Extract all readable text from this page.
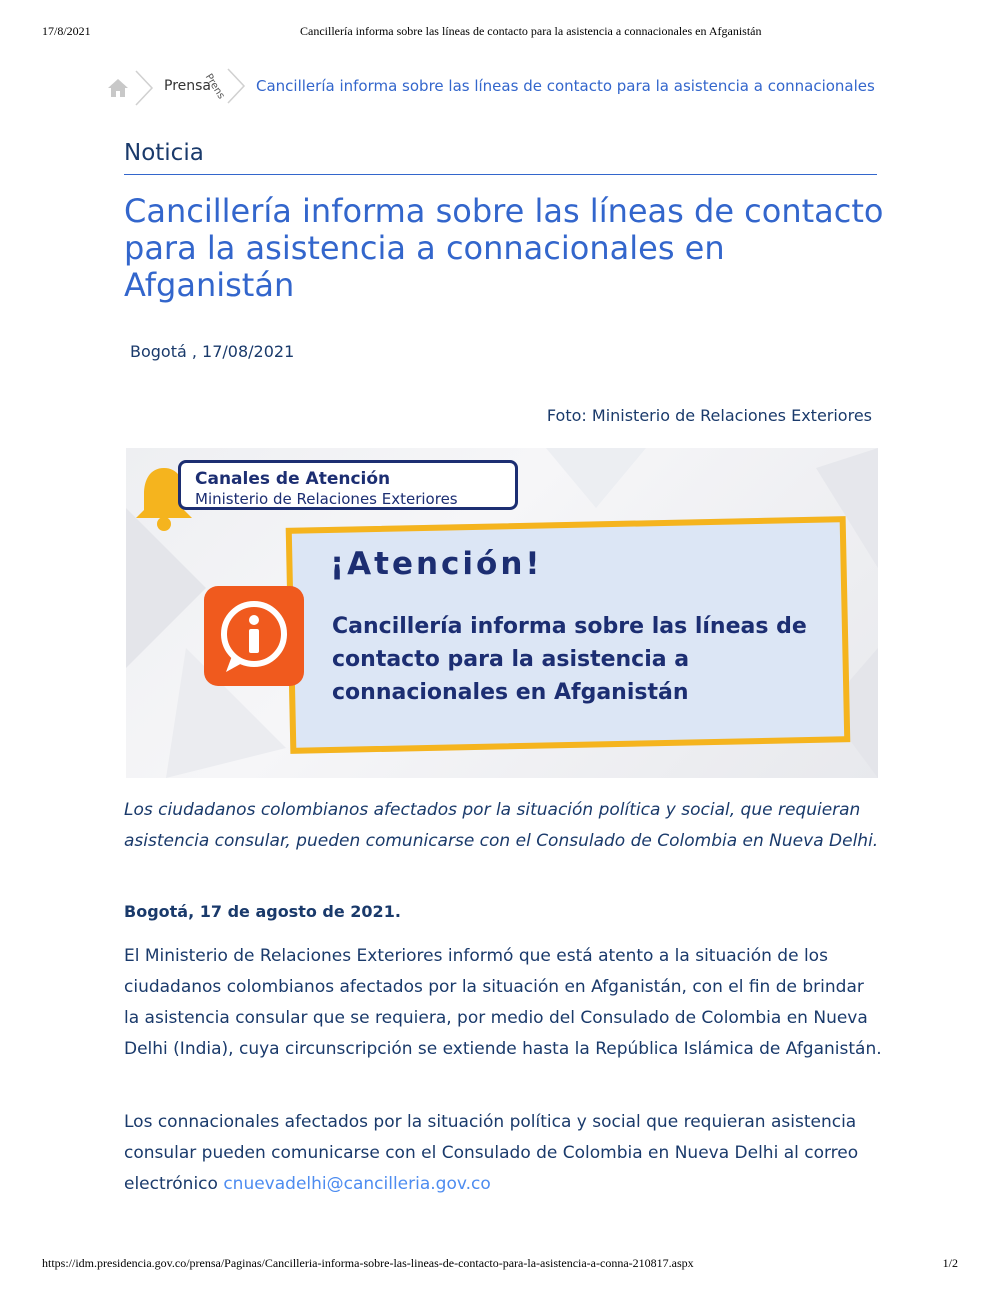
17/8/2021	Cancillería informa sobre las líneas de contacto para la asistencia a connacionales en Afganistán
Prensa
Prens Cancillería informa sobre las líneas de contacto para la asistencia a connacionales
Noticia
Cancillería informa sobre las líneas de contacto para la asistencia a connacionales en Afganistán
Bogotá , 17/08/2021
Foto: Ministerio de Relaciones Exteriores
Canales de Atención
Ministerio de Relaciones Exteriores
¡Atención!

Cancillería informa sobre las líneas de contacto para la asistencia a connacionales en Afganistán

Los ciudadanos colombianos afectados por la situación política y social, que requieran asistencia consular, pueden comunicarse con el Consulado de Colombia en Nueva Delhi.

Bogotá, 17 de agosto de 2021.

El Ministerio de Relaciones Exteriores informó que está atento a la situación de los ciudadanos colombianos afectados por la situación en Afganistán, con el fin de brindar la asistencia consular que se requiera, por medio del Consulado de Colombia en Nueva Delhi (India), cuya circunscripción se extiende hasta la República Islámica de Afganistán.

Los connacionales afectados por la situación política y social que requieran asistencia consular pueden comunicarse con el Consulado de Colombia en Nueva Delhi al correo electrónico cnuevadelhi@cancilleria.gov.co

https://idm.presidencia.gov.co/prensa/Paginas/Cancilleria-informa-sobre-las-lineas-de-contacto-para-la-asistencia-a-conna-210817.aspx	1/2
